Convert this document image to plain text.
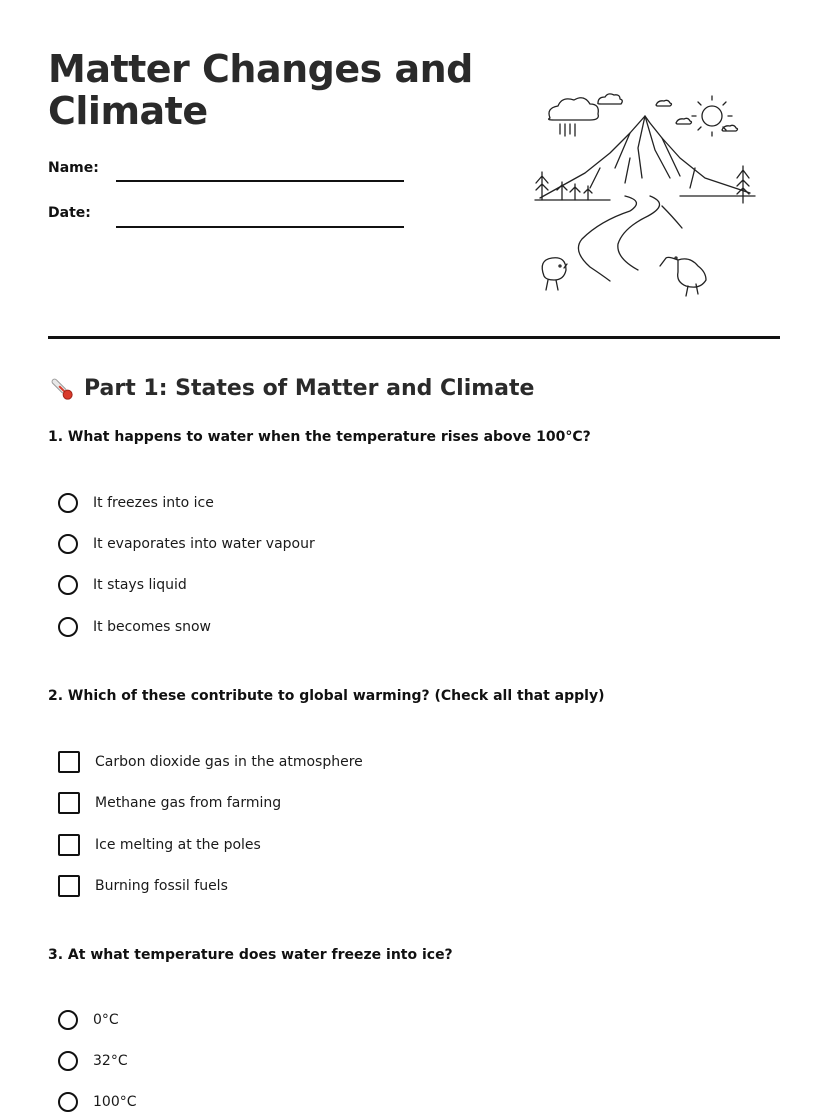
Matter Changes and
Climate
Name:
Date:
Part 1: States of Matter and Climate

1. What happens to water when the temperature rises above 100°C?

It freezes into ice
It evaporates into water vapour
It stays liquid
It becomes snow

2. Which of these contribute to global warming? (Check all that apply)

Carbon dioxide gas in the atmosphere
Methane gas from farming
Ice melting at the poles
Burning fossil fuels

3. At what temperature does water freeze into ice?

0°C
32°C
100°C
